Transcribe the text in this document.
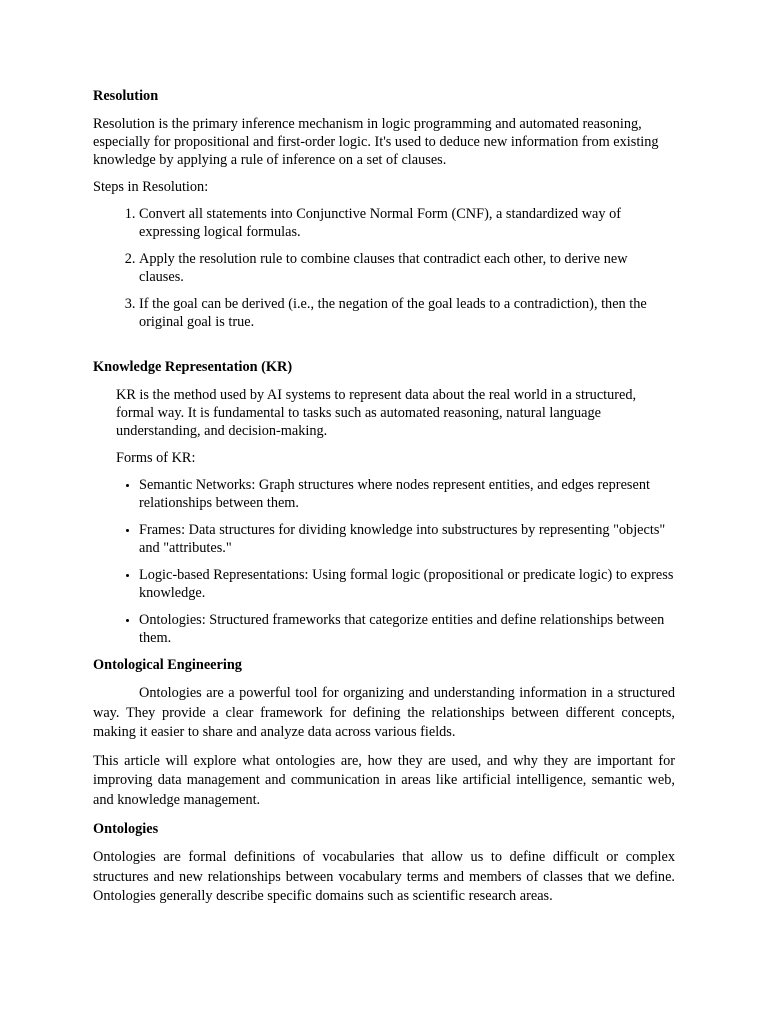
Resolution

Resolution is the primary inference mechanism in logic programming and automated reasoning, especially for propositional and first-order logic. It's used to deduce new information from existing knowledge by applying a rule of inference on a set of clauses.

Steps in Resolution:

1. Convert all statements into Conjunctive Normal Form (CNF), a standardized way of expressing logical formulas.
2. Apply the resolution rule to combine clauses that contradict each other, to derive new clauses.
3. If the goal can be derived (i.e., the negation of the goal leads to a contradiction), then the original goal is true.
Knowledge Representation (KR)

KR is the method used by AI systems to represent data about the real world in a structured, formal way. It is fundamental to tasks such as automated reasoning, natural language understanding, and decision-making.

Forms of KR:

• Semantic Networks: Graph structures where nodes represent entities, and edges represent relationships between them.
• Frames: Data structures for dividing knowledge into substructures by representing "objects" and "attributes."
• Logic-based Representations: Using formal logic (propositional or predicate logic) to express knowledge.
• Ontologies: Structured frameworks that categorize entities and define relationships between them.
Ontological Engineering

Ontologies are a powerful tool for organizing and understanding information in a structured way. They provide a clear framework for defining the relationships between different concepts, making it easier to share and analyze data across various fields.

This article will explore what ontologies are, how they are used, and why they are important for improving data management and communication in areas like artificial intelligence, semantic web, and knowledge management.

Ontologies

Ontologies are formal definitions of vocabularies that allow us to define difficult or complex structures and new relationships between vocabulary terms and members of classes that we define. Ontologies generally describe specific domains such as scientific research areas.
